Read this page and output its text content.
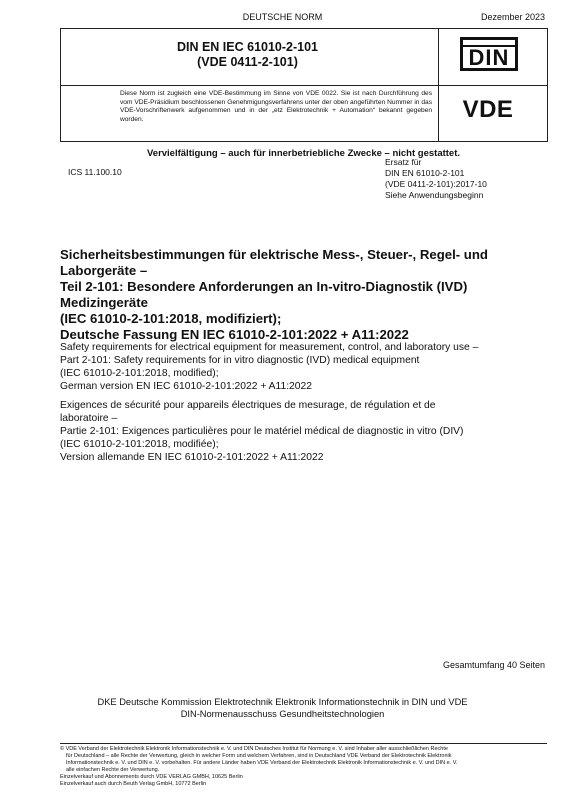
DEUTSCHE NORM	Dezember 2023
DIN EN IEC 61010-2-101
(VDE 0411-2-101)	DIN
Diese Norm ist zugleich eine VDE-Bestimmung im Sinne von VDE 0022. Sie ist nach Durchführung des vom VDE-Präsidium beschlossenen Genehmigungsverfahrens unter der oben angeführten Nummer in das VDE-Vorschriftenwerk aufgenommen und in der „etz Elektrotechnik + Automation“ bekannt gegeben worden.	VDE
Vervielfältigung – auch für innerbetriebliche Zwecke – nicht gestattet.
ICS 11.100.10
Ersatz für
DIN EN 61010-2-101
(VDE 0411-2-101):2017-10
Siehe Anwendungsbeginn
Sicherheitsbestimmungen für elektrische Mess-, Steuer-, Regel- und
Laborgeräte –
Teil 2-101: Besondere Anforderungen an In-vitro-Diagnostik (IVD)
Medizingeräte
(IEC 61010-2-101:2018, modifiziert);
Deutsche Fassung EN IEC 61010-2-101:2022 + A11:2022
Safety requirements for electrical equipment for measurement, control, and laboratory use –
Part 2-101: Safety requirements for in vitro diagnostic (IVD) medical equipment
(IEC 61010-2-101:2018, modified);
German version EN IEC 61010-2-101:2022 + A11:2022
Exigences de sécurité pour appareils électriques de mesurage, de régulation et de
laboratoire –
Partie 2-101: Exigences particulières pour le matériel médical de diagnostic in vitro (DIV)
(IEC 61010-2-101:2018, modifiée);
Version allemande EN IEC 61010-2-101:2022 + A11:2022
Gesamtumfang 40 Seiten
DKE Deutsche Kommission Elektrotechnik Elektronik Informationstechnik in DIN und VDE
DIN-Normenausschuss Gesundheitstechnologien
© VDE Verband der Elektrotechnik Elektronik Informationstechnik e. V. und DIN Deutsches Institut für Normung e. V. sind Inhaber aller ausschließlichen Rechte
für Deutschland – alle Rechte der Verwertung, gleich in welcher Form und welchem Verfahren, sind in Deutschland VDE Verband der Elektrotechnik Elektronik
Informationstechnik e. V. und DIN e. V. vorbehalten. Für andere Länder haben VDE Verband der Elektrotechnik Elektronik Informationstechnik e. V. und DIN e. V.
alle einfachen Rechte der Verwertung.
Einzelverkauf und Abonnements durch VDE VERLAG GMBH, 10625 Berlin
Einzelverkauf auch durch Beuth Verlag GmbH, 10772 Berlin
